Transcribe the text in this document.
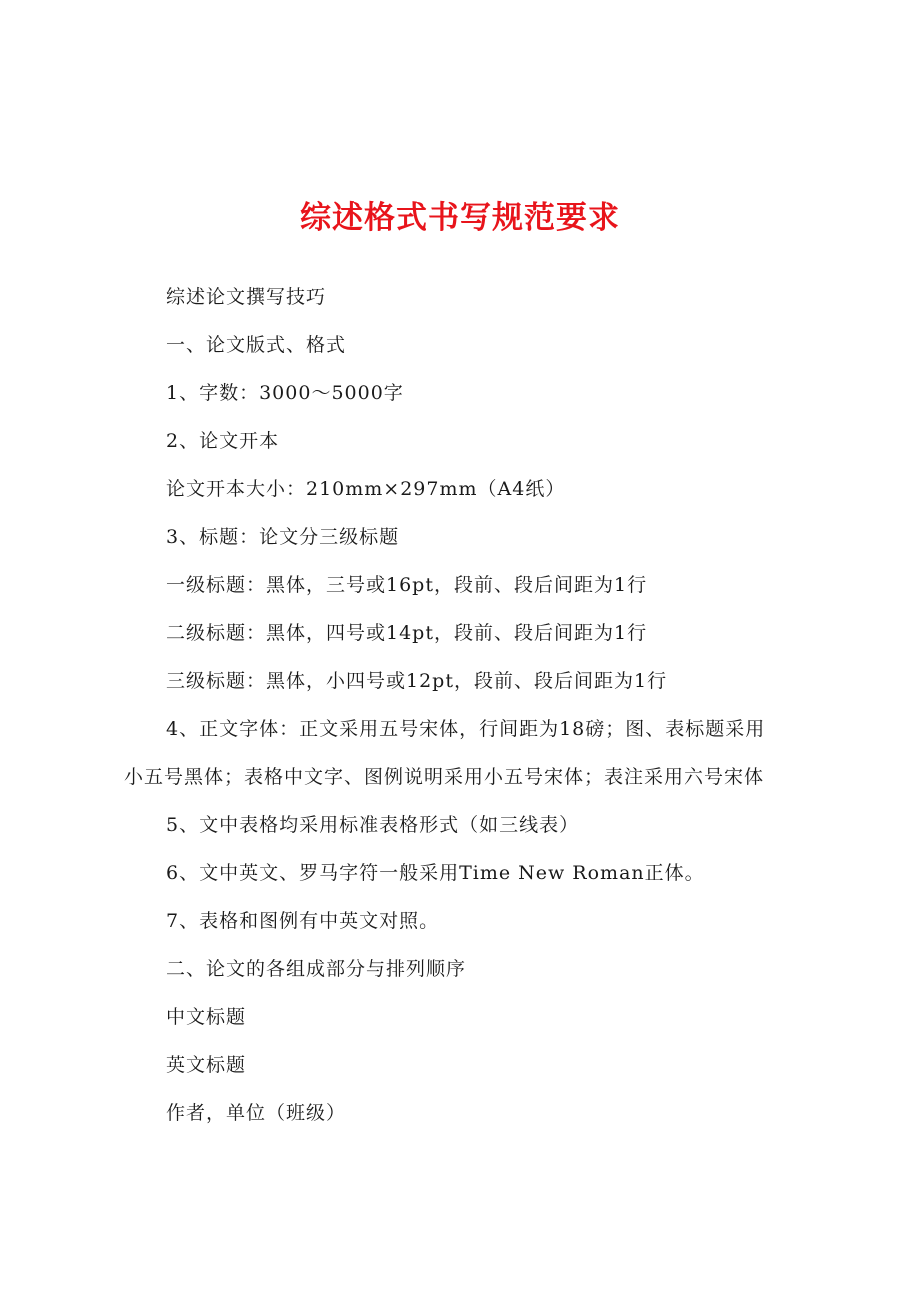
综述格式书写规范要求
综述论文撰写技巧
一、论文版式、格式
1、字数：3000～5000字
2、论文开本
论文开本大小：210mm×297mm（A4纸）
3、标题：论文分三级标题
一级标题：黑体，三号或16pt，段前、段后间距为1行
二级标题：黑体，四号或14pt，段前、段后间距为1行
三级标题：黑体，小四号或12pt，段前、段后间距为1行
4、正文字体：正文采用五号宋体，行间距为18磅；图、表标题采用
小五号黑体；表格中文字、图例说明采用小五号宋体；表注采用六号宋体
5、文中表格均采用标准表格形式（如三线表）
6、文中英文、罗马字符一般采用Time New Roman正体。
7、表格和图例有中英文对照。
二、论文的各组成部分与排列顺序
中文标题
英文标题
作者，单位（班级）
